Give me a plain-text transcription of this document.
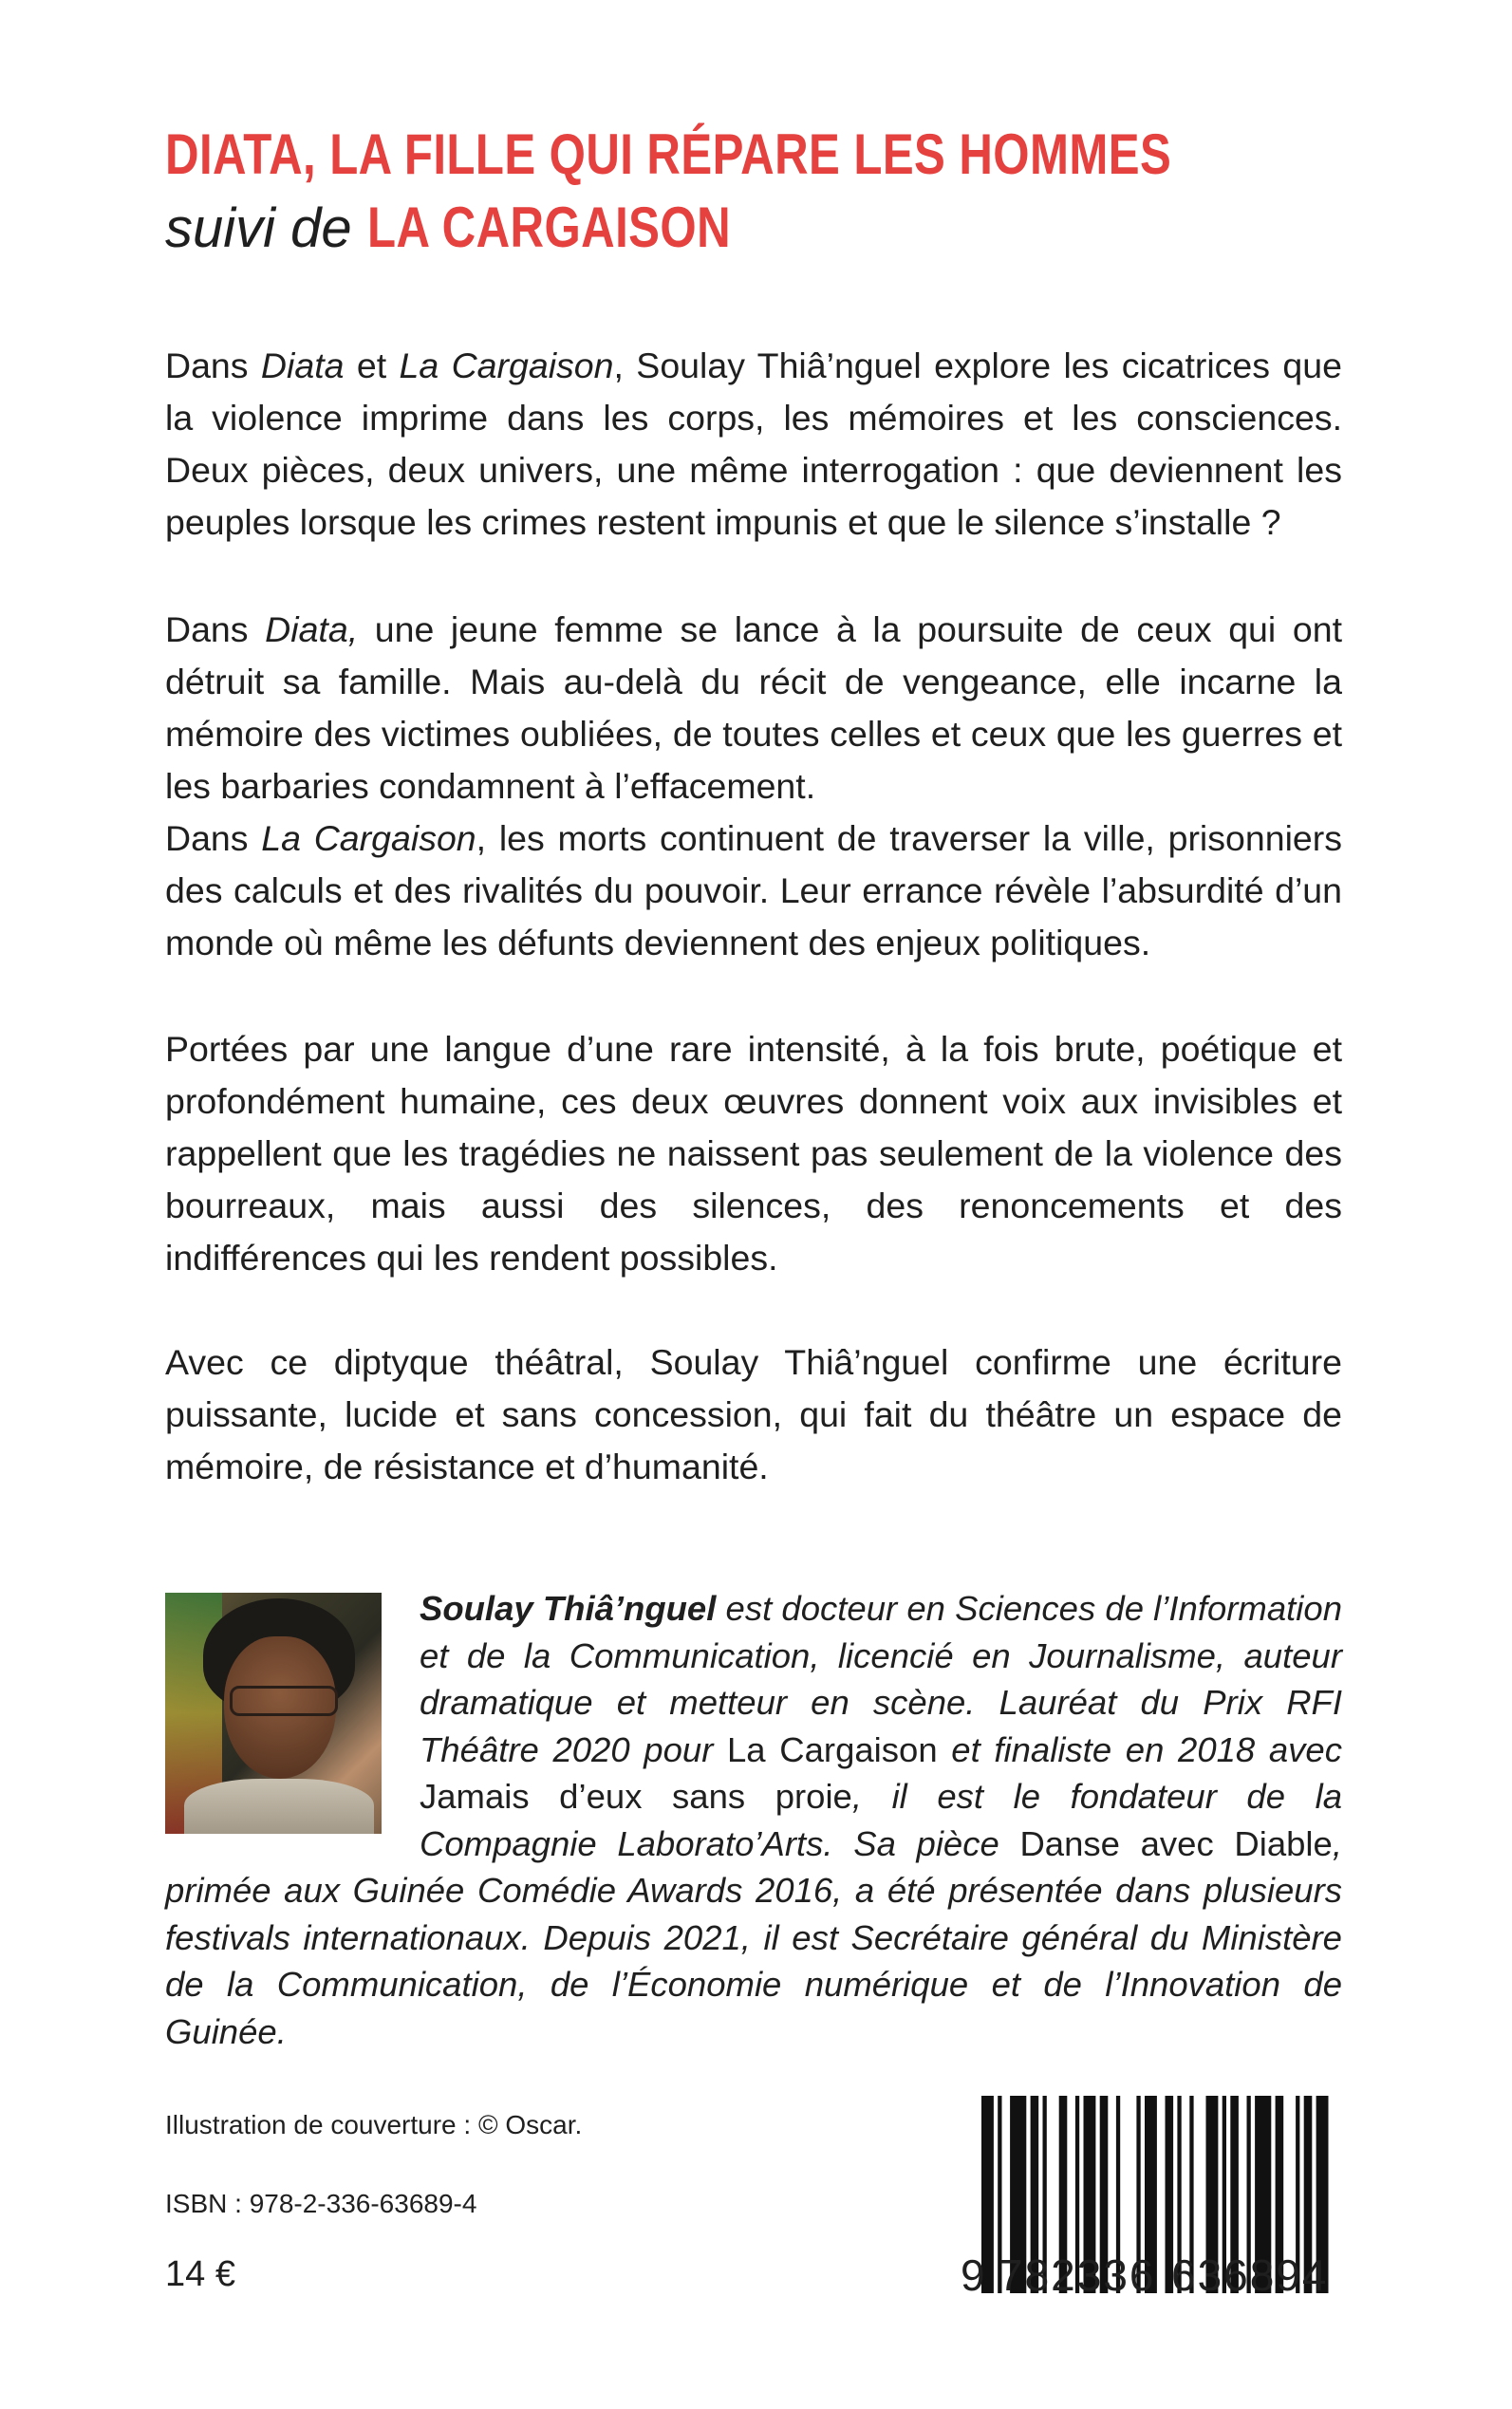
DIATA, LA FILLE QUI RÉPARE LES HOMMES
suivi de LA CARGAISON

Dans Diata et La Cargaison, Soulay Thiâ’nguel explore les cicatrices que la violence imprime dans les corps, les mémoires et les consciences. Deux pièces, deux univers, une même interrogation : que deviennent les peuples lorsque les crimes restent impunis et que le silence s’installe ?

Dans Diata, une jeune femme se lance à la poursuite de ceux qui ont détruit sa famille. Mais au-delà du récit de vengeance, elle incarne la mémoire des victimes oubliées, de toutes celles et ceux que les guerres et les barbaries condamnent à l’effacement.

Dans La Cargaison, les morts continuent de traverser la ville, prisonniers des calculs et des rivalités du pouvoir. Leur errance révèle l’absurdité d’un monde où même les défunts deviennent des enjeux politiques.

Portées par une langue d’une rare intensité, à la fois brute, poétique et profondément humaine, ces deux œuvres donnent voix aux invisibles et rappellent que les tragédies ne naissent pas seulement de la violence des bourreaux, mais aussi des silences, des renoncements et des indifférences qui les rendent possibles.

Avec ce diptyque théâtral, Soulay Thiâ’nguel confirme une écriture puissante, lucide et sans concession, qui fait du théâtre un espace de mémoire, de résistance et d’humanité.

Soulay Thiâ’nguel est docteur en Sciences de l’Information et de la Communication, licencié en Journalisme, auteur dramatique et metteur en scène. Lauréat du Prix RFI Théâtre 2020 pour La Cargaison et finaliste en 2018 avec Jamais d’eux sans proie, il est le fondateur de la Compagnie Laborato’Arts. Sa pièce Danse avec Diable, primée aux Guinée Comédie Awards 2016, a été présentée dans plusieurs festivals internationaux. Depuis 2021, il est Secrétaire général du Ministère de la Communication, de l’Économie numérique et de l’Innovation de Guinée.
Illustration de couverture : © Oscar.
ISBN : 978-2-336-63689-4
14 €	9 782336 636894
